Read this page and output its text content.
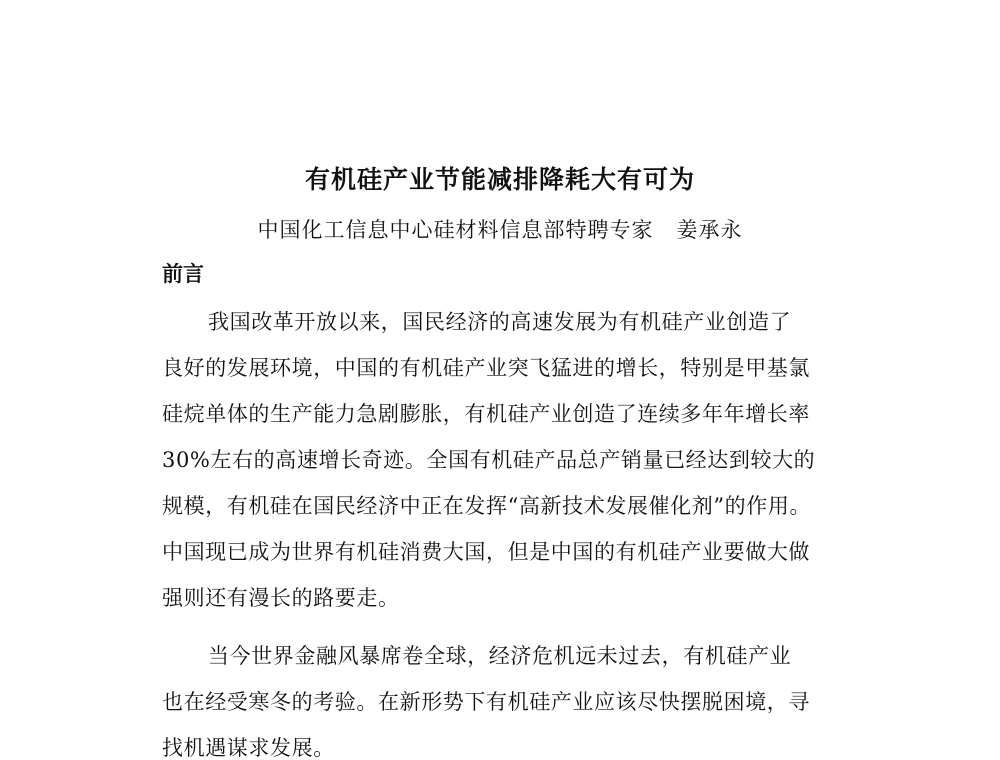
有机硅产业节能减排降耗大有可为
中国化工信息中心硅材料信息部特聘专家   姜承永
前言
我国改革开放以来，国民经济的高速发展为有机硅产业创造了
良好的发展环境，中国的有机硅产业突飞猛进的增长，特别是甲基氯
硅烷单体的生产能力急剧膨胀，有机硅产业创造了连续多年年增长率
30%左右的高速增长奇迹。全国有机硅产品总产销量已经达到较大的
规模，有机硅在国民经济中正在发挥“高新技术发展催化剂”的作用。
中国现已成为世界有机硅消费大国，但是中国的有机硅产业要做大做
强则还有漫长的路要走。
当今世界金融风暴席卷全球，经济危机远未过去，有机硅产业
也在经受寒冬的考验。在新形势下有机硅产业应该尽快摆脱困境，寻
找机遇谋求发展。
